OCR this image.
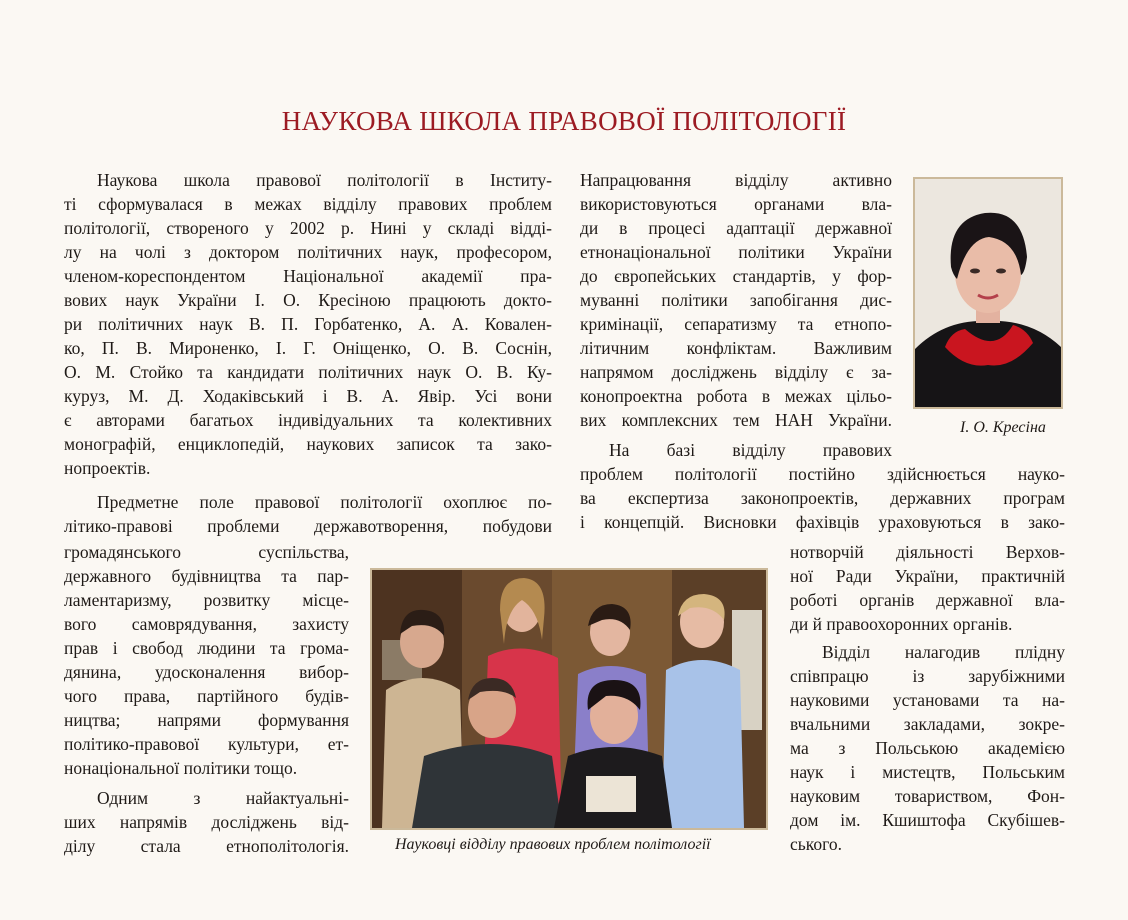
НАУКОВА ШКОЛА ПРАВОВОЇ ПОЛІТОЛОГІЇ
Наукова школа правової політології в Інститу-
ті сформувалася в межах відділу правових проблем
політології, створеного у 2002 р. Нині у складі відді-
лу на чолі з доктором політичних наук, професором,
членом-кореспондентом Національної академії пра-
вових наук України І. О. Кресіною працюють доктo-
ри політичних наук В. П. Горбатенко, А. А. Ковален-
ко, П. В. Мироненко, І. Г. Оніщенко, О. В. Соснін,
О. М. Стойко та кандидати політичних наук О. В. Ку-
куруз, М. Д. Ходаківський і В. А. Явір. Усі вони
є авторами багатьох індивідуальних та колективних
монографій, енциклопедій, наукових записок та зако-
нопроектів.
Предметне поле правової політології охоплює по-
літико-правові проблеми державотворення, побудови
громадянського суспільства,
державного будівництва та пар-
ламентаризму, розвитку місце-
вого самоврядування, захисту
прав і свобод людини та грома-
дянина, удосконалення вибор-
чого права, партійного будів-
ництва; напрями формування
політико-правової культури, ет-
нонаціональної політики тощо.
Одним з найактуальні-
ших напрямів досліджень від-
ділу стала етнополітологія.
Напрацювання відділу активно
використовуються органами вла-
ди в процесі адаптації державної
етнонаціональної політики України
до європейських стандартів, у фор-
муванні політики запобігання дис-
кримінації, сепаратизму та етнопо-
літичним конфліктам. Важливим
напрямом досліджень відділу є за-
конопроектна робота в межах цільо-
вих комплексних тем НАН України.
На базі відділу правових
проблем політології постійно здійснюється науко-
ва експертиза законопроектів, державних програм
і концепцій. Висновки фахівців ураховуються в зако-
нотворчій діяльності Верхов-
ної Ради України, практичній
роботі органів державної вла-
ди й правоохоронних органів.
Відділ налагодив плідну
співпрацю із зарубіжними
науковими установами та на-
вчальними закладами, зокре-
ма з Польською академією
наук і мистецтв, Польським
науковим товариством, Фон-
дом ім. Кшиштофа Скубішев-
ського.
І. О. Кресіна
Науковці відділу правових проблем політології
